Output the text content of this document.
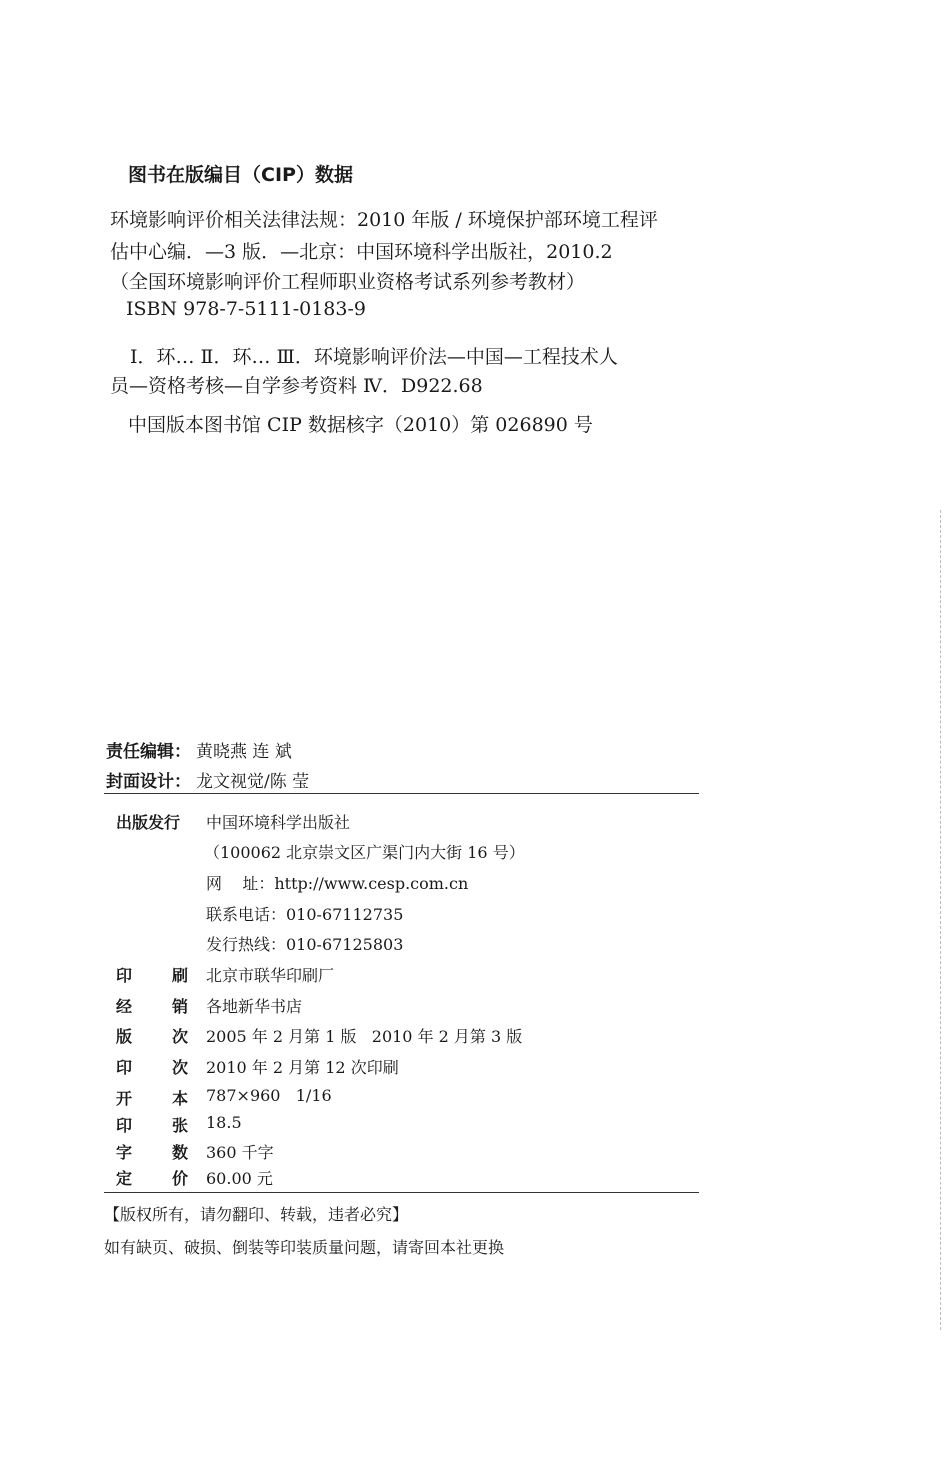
图书在版编目（CIP）数据
环境影响评价相关法律法规：2010 年版 / 环境保护部环境工程评
估中心编．—3 版．—北京：中国环境科学出版社，2010.2
（全国环境影响评价工程师职业资格考试系列参考教材）
ISBN 978-7-5111-0183-9
Ⅰ．环… Ⅱ．环… Ⅲ．环境影响评价法—中国—工程技术人
员—资格考核—自学参考资料 Ⅳ．D922.68
中国版本图书馆 CIP 数据核字（2010）第 026890 号
责任编辑： 黄晓燕 连 斌
封面设计： 龙文视觉/陈 莹
出版发行 中国环境科学出版社
（100062 北京崇文区广渠门内大街 16 号）
网    址：http://www.cesp.com.cn
联系电话：010-67112735
发行热线：010-67125803
印 刷 北京市联华印刷厂
经 销 各地新华书店
版 次 2005 年 2 月第 1 版   2010 年 2 月第 3 版
印 次 2010 年 2 月第 12 次印刷
开 本 787×960   1/16
印 张 18.5
字 数 360 千字
定 价 60.00 元
【版权所有，请勿翻印、转载，违者必究】
如有缺页、破损、倒装等印装质量问题，请寄回本社更换
